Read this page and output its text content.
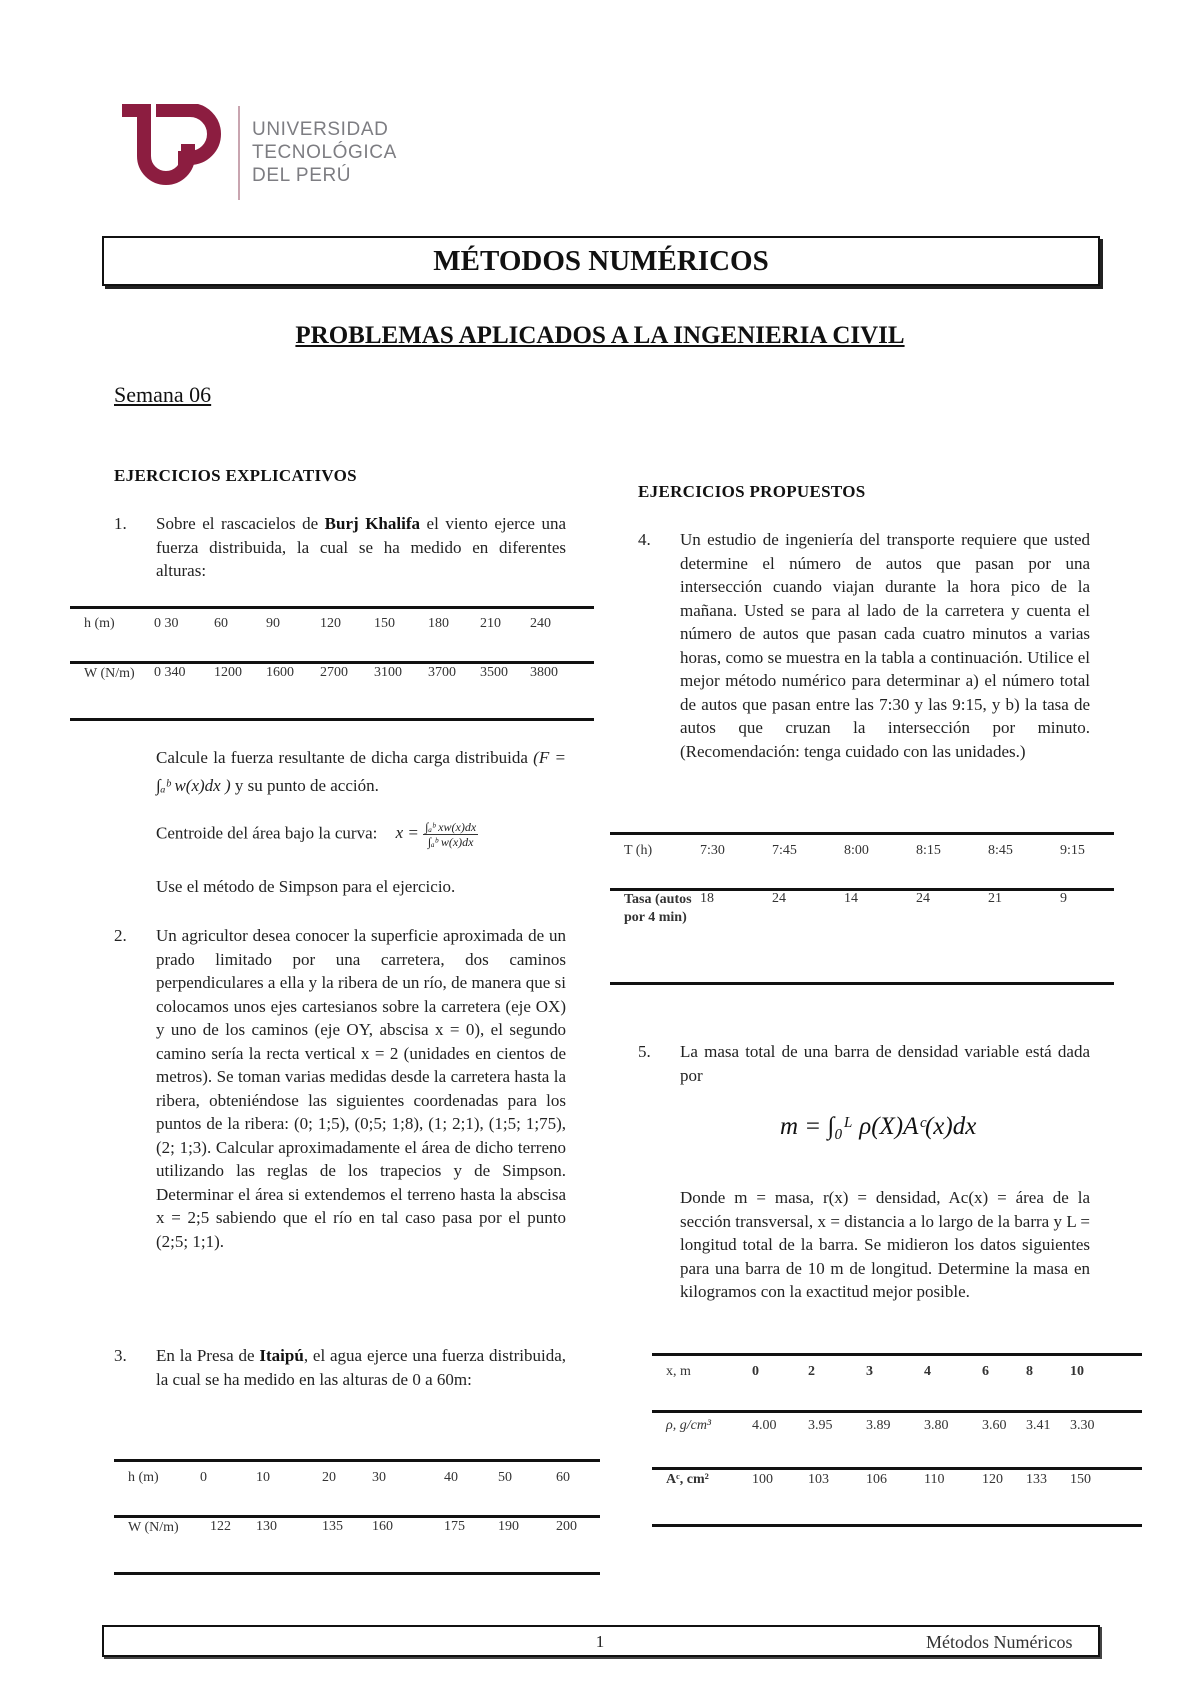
UNIVERSIDAD
TECNOLÓGICA
DEL PERÚ
MÉTODOS NUMÉRICOS
PROBLEMAS APLICADOS A LA INGENIERIA CIVIL
Semana 06
EJERCICIOS EXPLICATIVOS
1. Sobre el rascacielos de Burj Khalifa el viento ejerce una fuerza distribuida, la cual se ha medido en diferentes alturas:
h (m)	0 30	60	90	120	150	180	210	240

W (N/m)	0 340	1200	1600	2700	3100	3700	3500	3800
Calcule la fuerza resultante de dicha carga distribuida (F = ∫ₐᵇ w(x)dx ) y su punto de acción.
Centroide del área bajo la curva: $x = \frac{\text{∫ₐᵇ xw(x)dx}}{\text{∫ₐᵇ w(x)dx}}$
Use el método de Simpson para el ejercicio.
2. Un agricultor desea conocer la superficie aproximada de un prado limitado por una carretera, dos caminos perpendiculares a ella y la ribera de un río, de manera que si colocamos unos ejes cartesianos sobre la carretera (eje OX) y uno de los caminos (eje OY, abscisa x = 0), el segundo camino sería la recta vertical x = 2 (unidades en cientos de metros). Se toman varias medidas desde la carretera hasta la ribera, obteniéndose las siguientes coordenadas para los puntos de la ribera: (0; 1;5), (0;5; 1;8), (1; 2;1), (1;5; 1;75), (2; 1;3). Calcular aproximadamente el área de dicho terreno utilizando las reglas de los trapecios y de Simpson. Determinar el área si extendemos el terreno hasta la abscisa x = 2;5 sabiendo que el río en tal caso pasa por el punto (2;5; 1;1).
3. En la Presa de Itaipú, el agua ejerce una fuerza distribuida, la cual se ha medido en las alturas de 0 a 60m:
h (m)	0	10	20	30	40	50	60

W (N/m)	122	130	135	160	175	190	200
EJERCICIOS PROPUESTOS
4. Un estudio de ingeniería del transporte requiere que usted determine el número de autos que pasan por una intersección cuando viajan durante la hora pico de la mañana. Usted se para al lado de la carretera y cuenta el número de autos que pasan cada cuatro minutos a varias horas, como se muestra en la tabla a continuación. Utilice el mejor método numérico para determinar a) el número total de autos que pasan entre las 7:30 y las 9:15, y b) la tasa de autos que cruzan la intersección por minuto. (Recomendación: tenga cuidado con las unidades.)
T (h)	7:30	7:45	8:00	8:15	8:45	9:15

Tasa (autos por 4 min)	18	24	14	24	21	9
5. La masa total de una barra de densidad variable está dada por
m = ∫₀ᴸ ρ(X)Aᶜ(x)dx
Donde m = masa, r(x) = densidad, Ac(x) = área de la sección transversal, x = distancia a lo largo de la barra y L = longitud total de la barra. Se midieron los datos siguientes para una barra de 10 m de longitud. Determine la masa en kilogramos con la exactitud mejor posible.
x, m	0	2	3	4	6	8	10

ρ, g/cm³	4.00	3.95	3.89	3.80	3.60	3.41	3.30

Aᶜ, cm²	100	103	106	110	120	133	150
1	Métodos Numéricos
